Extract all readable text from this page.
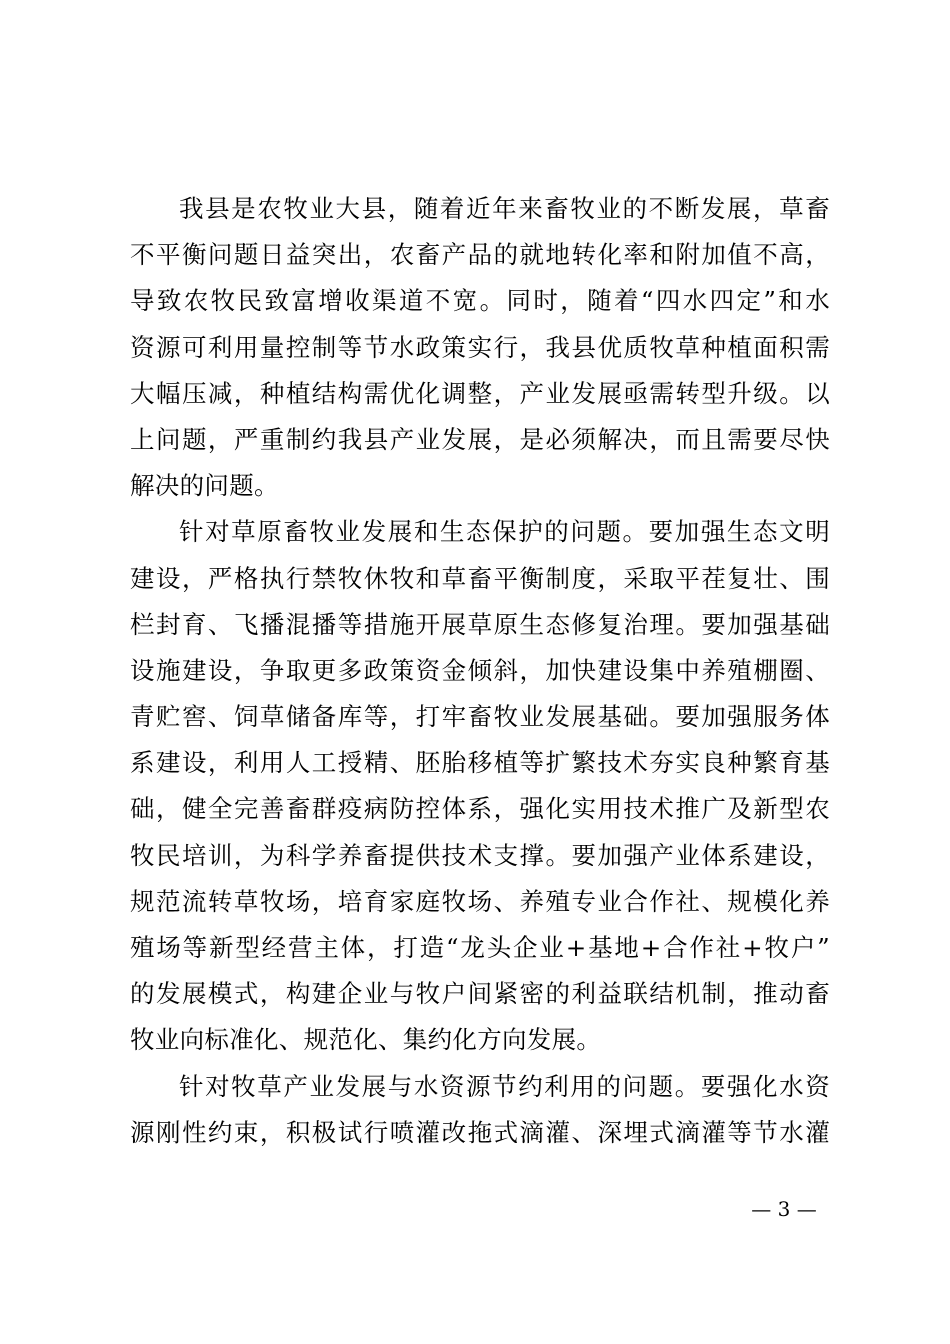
我县是农牧业大县，随着近年来畜牧业的不断发展，草畜
不平衡问题日益突出，农畜产品的就地转化率和附加值不高，
导致农牧民致富增收渠道不宽。同时，随着“四水四定”和水
资源可利用量控制等节水政策实行，我县优质牧草种植面积需
大幅压减，种植结构需优化调整，产业发展亟需转型升级。以
上问题，严重制约我县产业发展，是必须解决，而且需要尽快
解决的问题。
针对草原畜牧业发展和生态保护的问题。要加强生态文明
建设，严格执行禁牧休牧和草畜平衡制度，采取平茬复壮、围
栏封育、飞播混播等措施开展草原生态修复治理。要加强基础
设施建设，争取更多政策资金倾斜，加快建设集中养殖棚圈、
青贮窖、饲草储备库等，打牢畜牧业发展基础。要加强服务体
系建设，利用人工授精、胚胎移植等扩繁技术夯实良种繁育基
础，健全完善畜群疫病防控体系，强化实用技术推广及新型农
牧民培训，为科学养畜提供技术支撑。要加强产业体系建设，
规范流转草牧场，培育家庭牧场、养殖专业合作社、规模化养
殖场等新型经营主体，打造“龙头企业+基地+合作社+牧户”
的发展模式，构建企业与牧户间紧密的利益联结机制，推动畜
牧业向标准化、规范化、集约化方向发展。
针对牧草产业发展与水资源节约利用的问题。要强化水资
源刚性约束，积极试行喷灌改拖式滴灌、深埋式滴灌等节水灌
— 3 —
